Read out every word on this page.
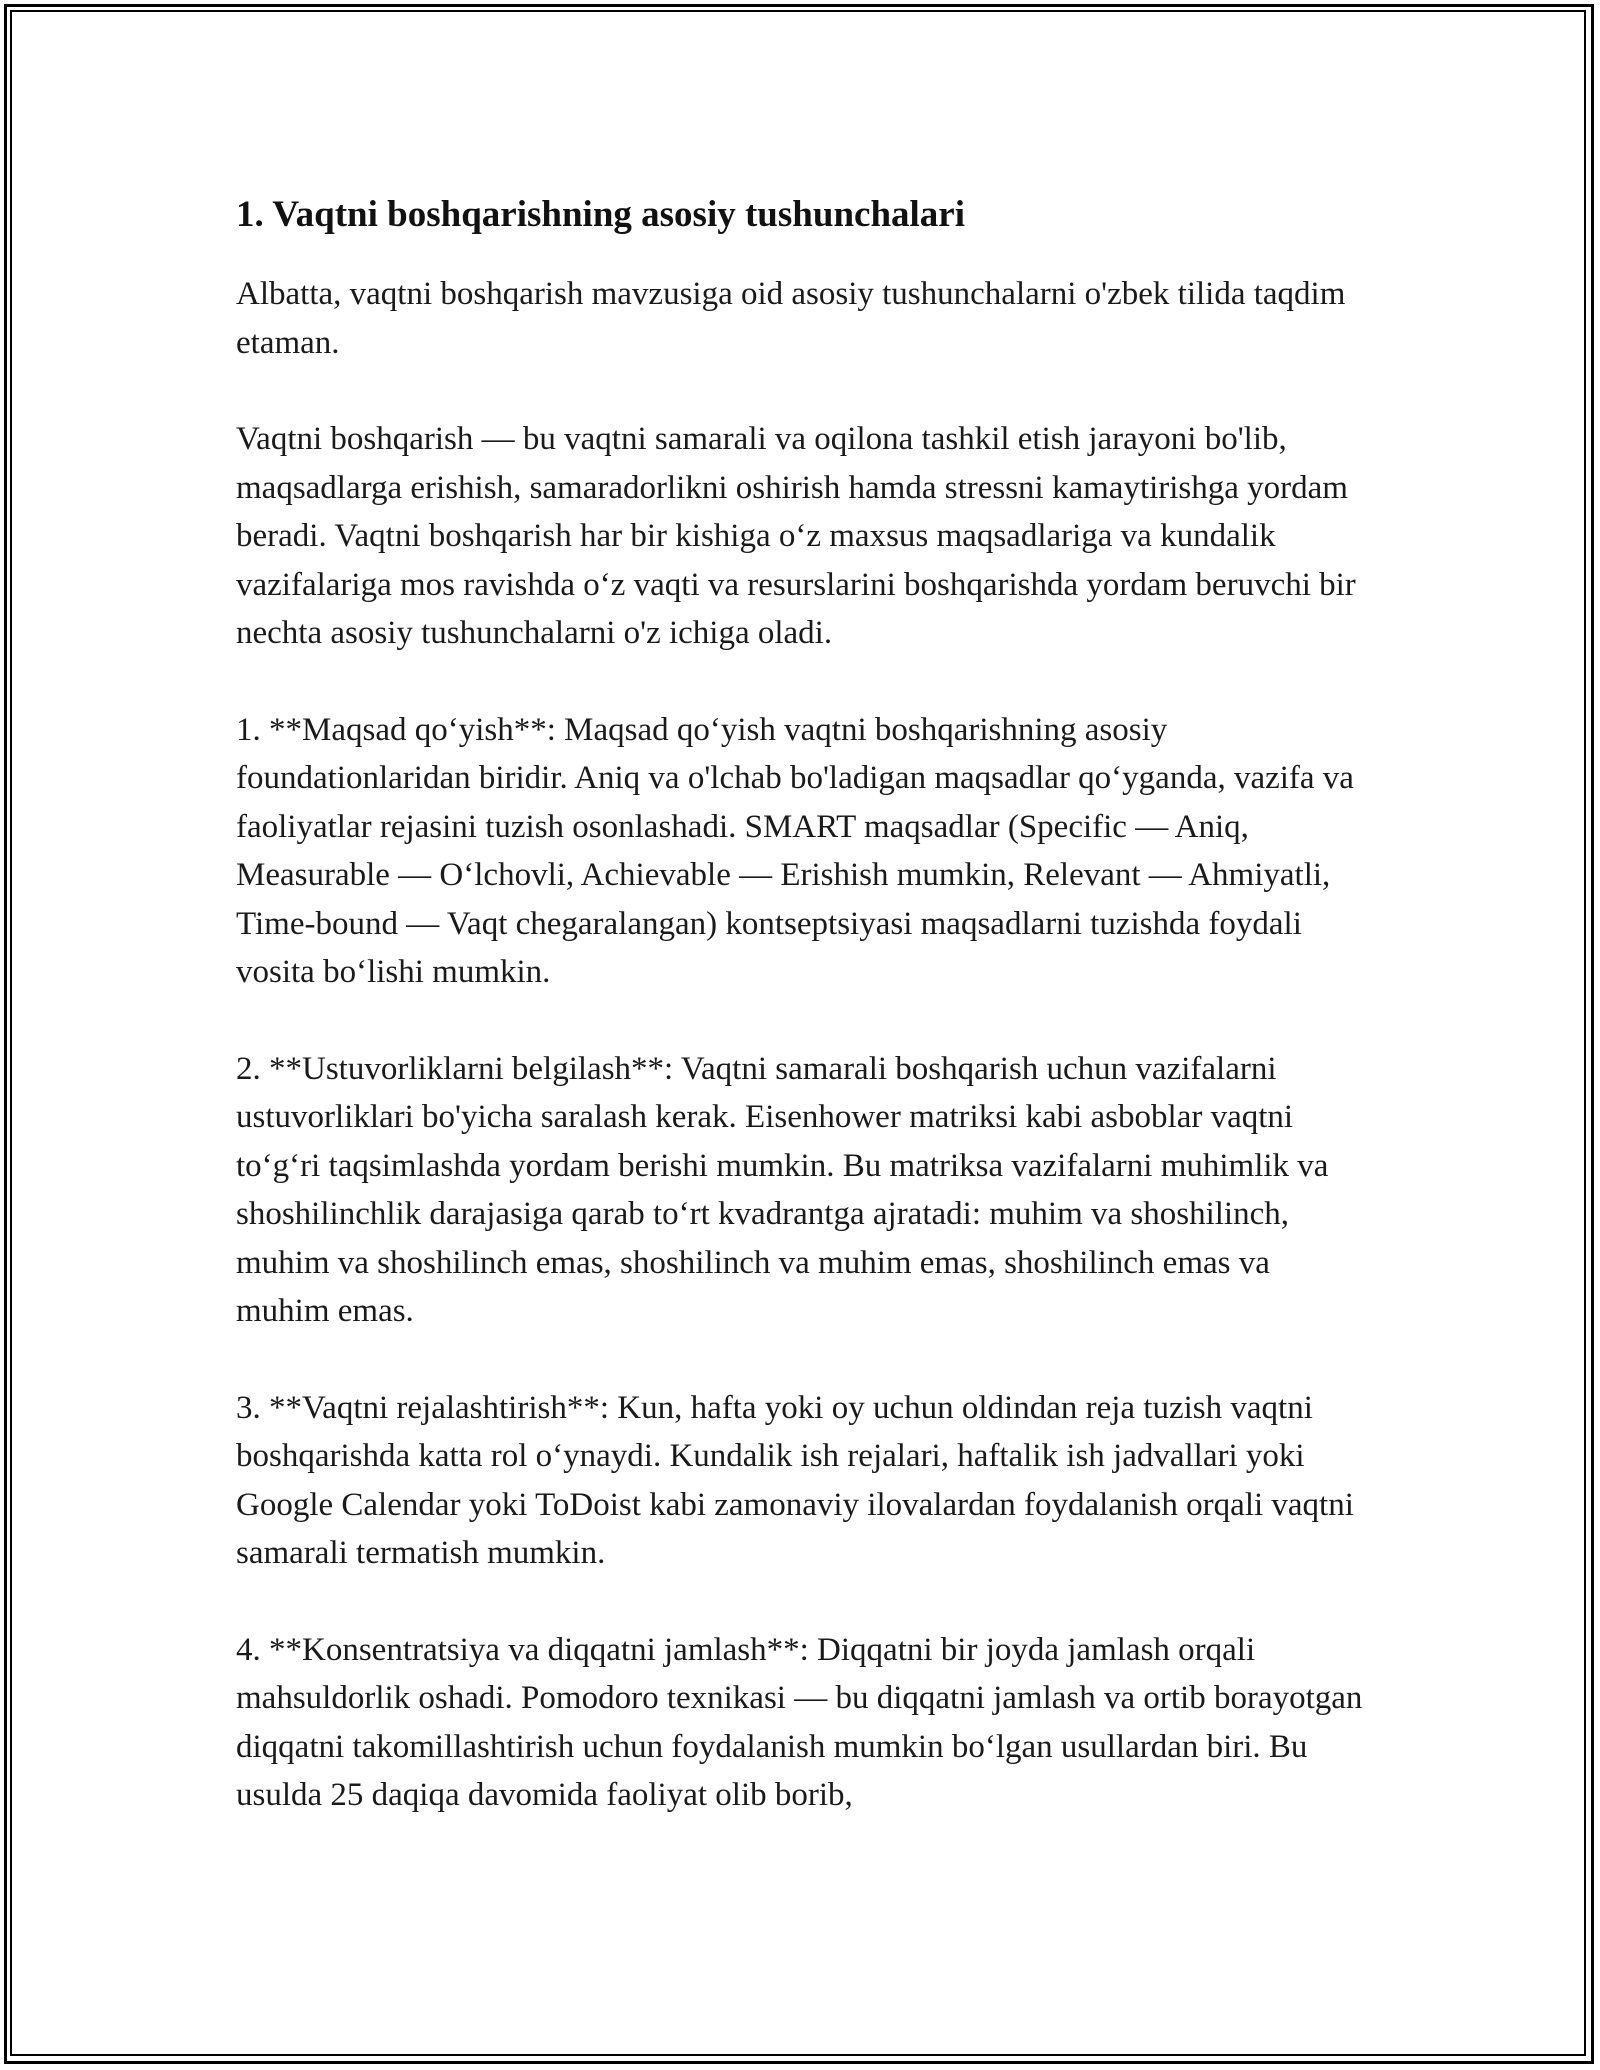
1. Vaqtni boshqarishning asosiy tushunchalari

Albatta, vaqtni boshqarish mavzusiga oid asosiy tushunchalarni o'zbek tilida taqdim etaman.

Vaqtni boshqarish — bu vaqtni samarali va oqilona tashkil etish jarayoni bo'lib, maqsadlarga erishish, samaradorlikni oshirish hamda stressni kamaytirishga yordam beradi. Vaqtni boshqarish har bir kishiga oʻz maxsus maqsadlariga va kundalik vazifalariga mos ravishda oʻz vaqti va resurslarini boshqarishda yordam beruvchi bir nechta asosiy tushunchalarni o'z ichiga oladi.

1. **Maqsad qoʻyish**: Maqsad qoʻyish vaqtni boshqarishning asosiy foundationlaridan biridir. Aniq va o'lchab bo'ladigan maqsadlar qoʻyganda, vazifa va faoliyatlar rejasini tuzish osonlashadi. SMART maqsadlar (Specific — Aniq, Measurable — Oʻlchovli, Achievable — Erishish mumkin, Relevant — Ahmiyatli, Time-bound — Vaqt chegaralangan) kontseptsiyasi maqsadlarni tuzishda foydali vosita boʻlishi mumkin.

2. **Ustuvorliklarni belgilash**: Vaqtni samarali boshqarish uchun vazifalarni ustuvorliklari bo'yicha saralash kerak. Eisenhower matriksi kabi asboblar vaqtni toʻgʻri taqsimlashda yordam berishi mumkin. Bu matriksa vazifalarni muhimlik va shoshilinchlik darajasiga qarab toʻrt kvadrantga ajratadi: muhim va shoshilinch, muhim va shoshilinch emas, shoshilinch va muhim emas, shoshilinch emas va muhim emas.

3. **Vaqtni rejalashtirish**: Kun, hafta yoki oy uchun oldindan reja tuzish vaqtni boshqarishda katta rol oʻynaydi. Kundalik ish rejalari, haftalik ish jadvallari yoki Google Calendar yoki ToDoist kabi zamonaviy ilovalardan foydalanish orqali vaqtni samarali termatish mumkin.

4. **Konsentratsiya va diqqatni jamlash**: Diqqatni bir joyda jamlash orqali mahsuldorlik oshadi. Pomodoro texnikasi — bu diqqatni jamlash va ortib borayotgan diqqatni takomillashtirish uchun foydalanish mumkin boʻlgan usullardan biri. Bu usulda 25 daqiqa davomida faoliyat olib borib,
